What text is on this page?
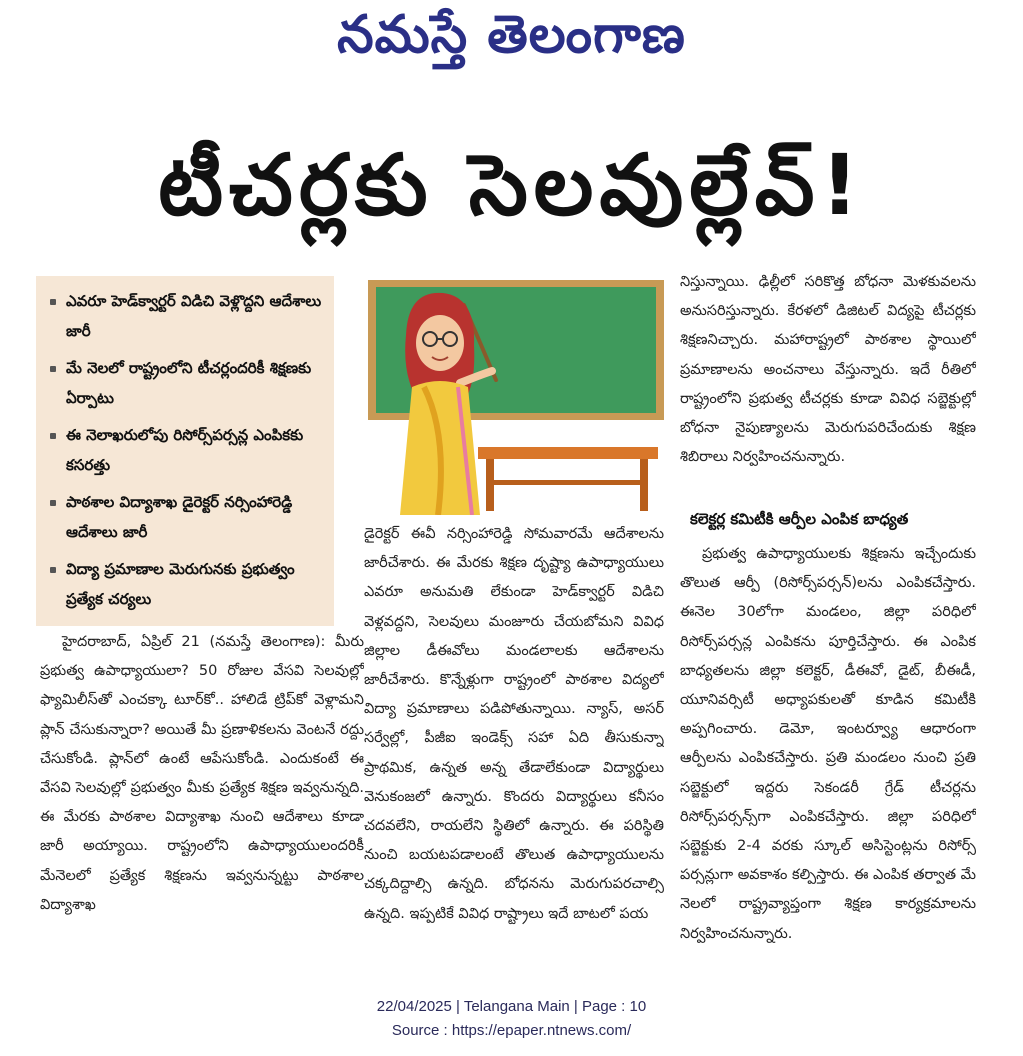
నమస్తే తెలంగాణ
టీచర్లకు సెలవుల్లేవ్!
ఎవరూ హెడ్‌క్వార్టర్ విడిచి వెళ్లొద్దని ఆదేశాలు జారీ
మే నెలలో రాష్ట్రంలోని టీచర్లందరికీ శిక్షణకు ఏర్పాటు
ఈ నెలాఖరులోపు రిసోర్స్‌పర్సన్ల ఎంపికకు కసరత్తు
పాఠశాల విద్యాశాఖ డైరెక్టర్ నర్సింహారెడ్డి ఆదేశాలు జారీ
విద్యా ప్రమాణాల మెరుగునకు ప్రభుత్వం ప్రత్యేక చర్యలు
హైదరాబాద్, ఏప్రిల్ 21 (నమస్తే తెలంగాణ): మీరు ప్రభుత్వ ఉపాధ్యాయులా? 50 రోజుల వేసవి సెలవుల్లో ఫ్యామిలీస్‌తో ఎంచక్కా టూర్‌కో.. హాలిడే ట్రిప్‌కో వెళ్లామని ప్లాన్ చేసుకున్నారా? అయితే మీ ప్రణాళికలను వెంటనే రద్దు చేసుకోండి. ప్లాన్‌లో ఉంటే ఆపేసుకోండి. ఎందుకంటే ఈ వేసవి సెలవుల్లో ప్రభుత్వం మీకు ప్రత్యేక శిక్షణ ఇవ్వనున్నది. ఈ మేరకు పాఠశాల విద్యాశాఖ నుంచి ఆదేశాలు కూడా జారీ అయ్యాయి. రాష్ట్రంలోని ఉపాధ్యాయులందరికీ మేనెలలో ప్రత్యేక శిక్షణను ఇవ్వనున్నట్టు పాఠశాల విద్యాశాఖ
డైరెక్టర్ ఈవీ నర్సింహారెడ్డి సోమవారమే ఆదేశాలను జారీచేశారు. ఈ మేరకు శిక్షణ దృష్ట్యా ఉపాధ్యాయులు ఎవరూ అనుమతి లేకుండా హెడ్‌క్వార్టర్ విడిచి వెళ్లవద్దని, సెలవులు మంజూరు చేయబోమని వివిధ జిల్లాల డీఈవోలు మండలాలకు ఆదేశాలను జారీచేశారు. కొన్నేళ్లుగా రాష్ట్రంలో పాఠశాల విద్యలో విద్యా ప్రమాణాలు పడిపోతున్నాయి. న్యాస్, అసర్ సర్వేల్లో, పీజీఐ ఇండెక్స్ సహా ఏది తీసుకున్నా ప్రాథమిక, ఉన్నత అన్న తేడాలేకుండా విద్యార్థులు వెనుకంజలో ఉన్నారు. కొందరు విద్యార్థులు కనీసం చదవలేని, రాయలేని స్థితిలో ఉన్నారు. ఈ పరిస్థితి నుంచి బయటపడాలంటే తొలుత ఉపాధ్యాయులను చక్కదిద్దాల్సి ఉన్నది. బోధనను మెరుగుపరచాల్సి ఉన్నది. ఇప్పటికే వివిధ రాష్ట్రాలు ఇదే బాటలో పయ
నిస్తున్నాయి. ఢిల్లీలో సరికొత్త బోధనా మెళకువలను అనుసరిస్తున్నారు. కేరళలో డిజిటల్ విద్యపై టీచర్లకు శిక్షణనిచ్చారు. మహారాష్ట్రలో పాఠశాల స్థాయిలో ప్రమాణాలను అంచనాలు వేస్తున్నారు. ఇదే రీతిలో రాష్ట్రంలోని ప్రభుత్వ టీచర్లకు కూడా వివిధ సబ్జెక్టుల్లో బోధనా నైపుణ్యాలను మెరుగుపరిచేందుకు శిక్షణ శిబిరాలు నిర్వహించనున్నారు.
కలెక్టర్ల కమిటీకి ఆర్పీల ఎంపిక బాధ్యత
ప్రభుత్వ ఉపాధ్యాయులకు శిక్షణను ఇచ్చేందుకు తొలుత ఆర్పీ (రిసోర్స్‌పర్సన్)లను ఎంపికచేస్తారు. ఈనెల 30లోగా మండలం, జిల్లా పరిధిలో రిసోర్స్‌పర్సన్ల ఎంపికను పూర్తిచేస్తారు. ఈ ఎంపిక బాధ్యతలను జిల్లా కలెక్టర్, డీఈవో, డైట్, బీఈడీ, యూనివర్సిటీ అధ్యాపకులతో కూడిన కమిటీకి అప్పగించారు. డెమో, ఇంటర్వ్యూ ఆధారంగా ఆర్పీలను ఎంపికచేస్తారు. ప్రతి మండలం నుంచి ప్రతి సబ్జెక్టులో ఇద్దరు సెకండరీ గ్రేడ్ టీచర్లను రిసోర్స్‌పర్సన్స్‌గా ఎంపికచేస్తారు. జిల్లా పరిధిలో సబ్జెక్టుకు 2-4 వరకు స్కూల్ అసిస్టెంట్లను రిసోర్స్ పర్సన్లుగా అవకాశం కల్పిస్తారు. ఈ ఎంపిక తర్వాత మే నెలలో రాష్ట్రవ్యాప్తంగా శిక్షణ కార్యక్రమాలను నిర్వహించనున్నారు.
22/04/2025 | Telangana Main | Page : 10
Source : https://epaper.ntnews.com/
